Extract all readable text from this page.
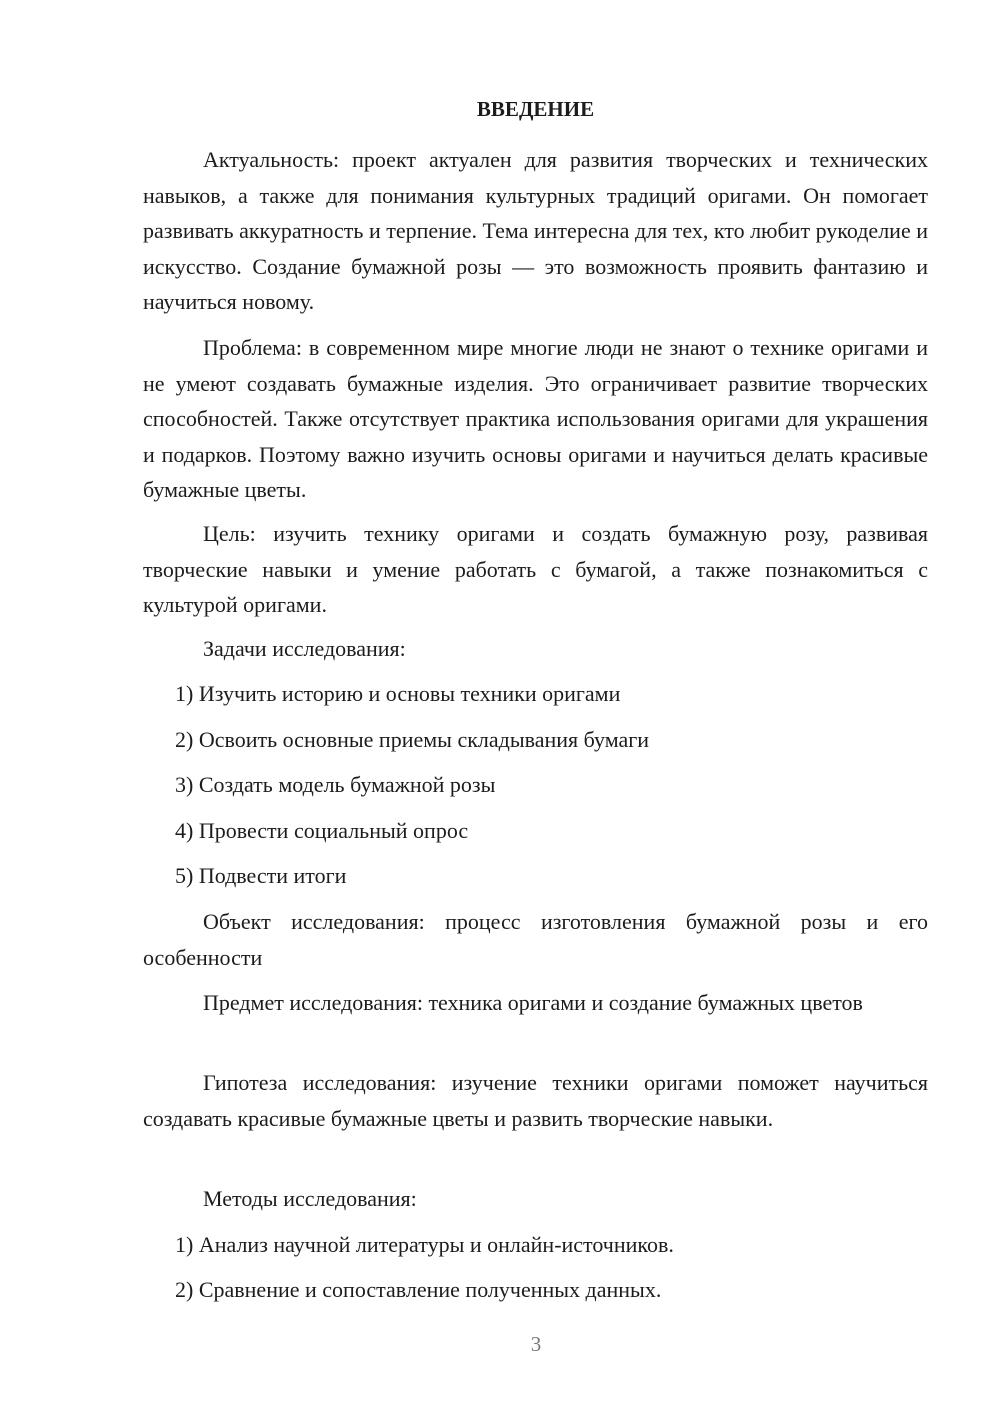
ВВЕДЕНИЕ

Актуальность: проект актуален для развития творческих и технических навыков, а также для понимания культурных традиций оригами. Он помогает развивать аккуратность и терпение. Тема интересна для тех, кто любит рукоделие и искусство. Создание бумажной розы — это возможность проявить фантазию и научиться новому.

Проблема: в современном мире многие люди не знают о технике оригами и не умеют создавать бумажные изделия. Это ограничивает развитие творческих способностей. Также отсутствует практика использования оригами для украшения и подарков. Поэтому важно изучить основы оригами и научиться делать красивые бумажные цветы.

Цель: изучить технику оригами и создать бумажную розу, развивая творческие навыки и умение работать с бумагой, а также познакомиться с культурой оригами.

Задачи исследования:

1) Изучить историю и основы техники оригами

2) Освоить основные приемы складывания бумаги

3) Создать модель бумажной розы

4) Провести социальный опрос

5) Подвести итоги

Объект исследования: процесс изготовления бумажной розы и его особенности

Предмет исследования: техника оригами и создание бумажных цветов

Гипотеза исследования: изучение техники оригами поможет научиться создавать красивые бумажные цветы и развить творческие навыки.

Методы исследования:

1) Анализ научной литературы и онлайн-источников.

2) Сравнение и сопоставление полученных данных.

3
